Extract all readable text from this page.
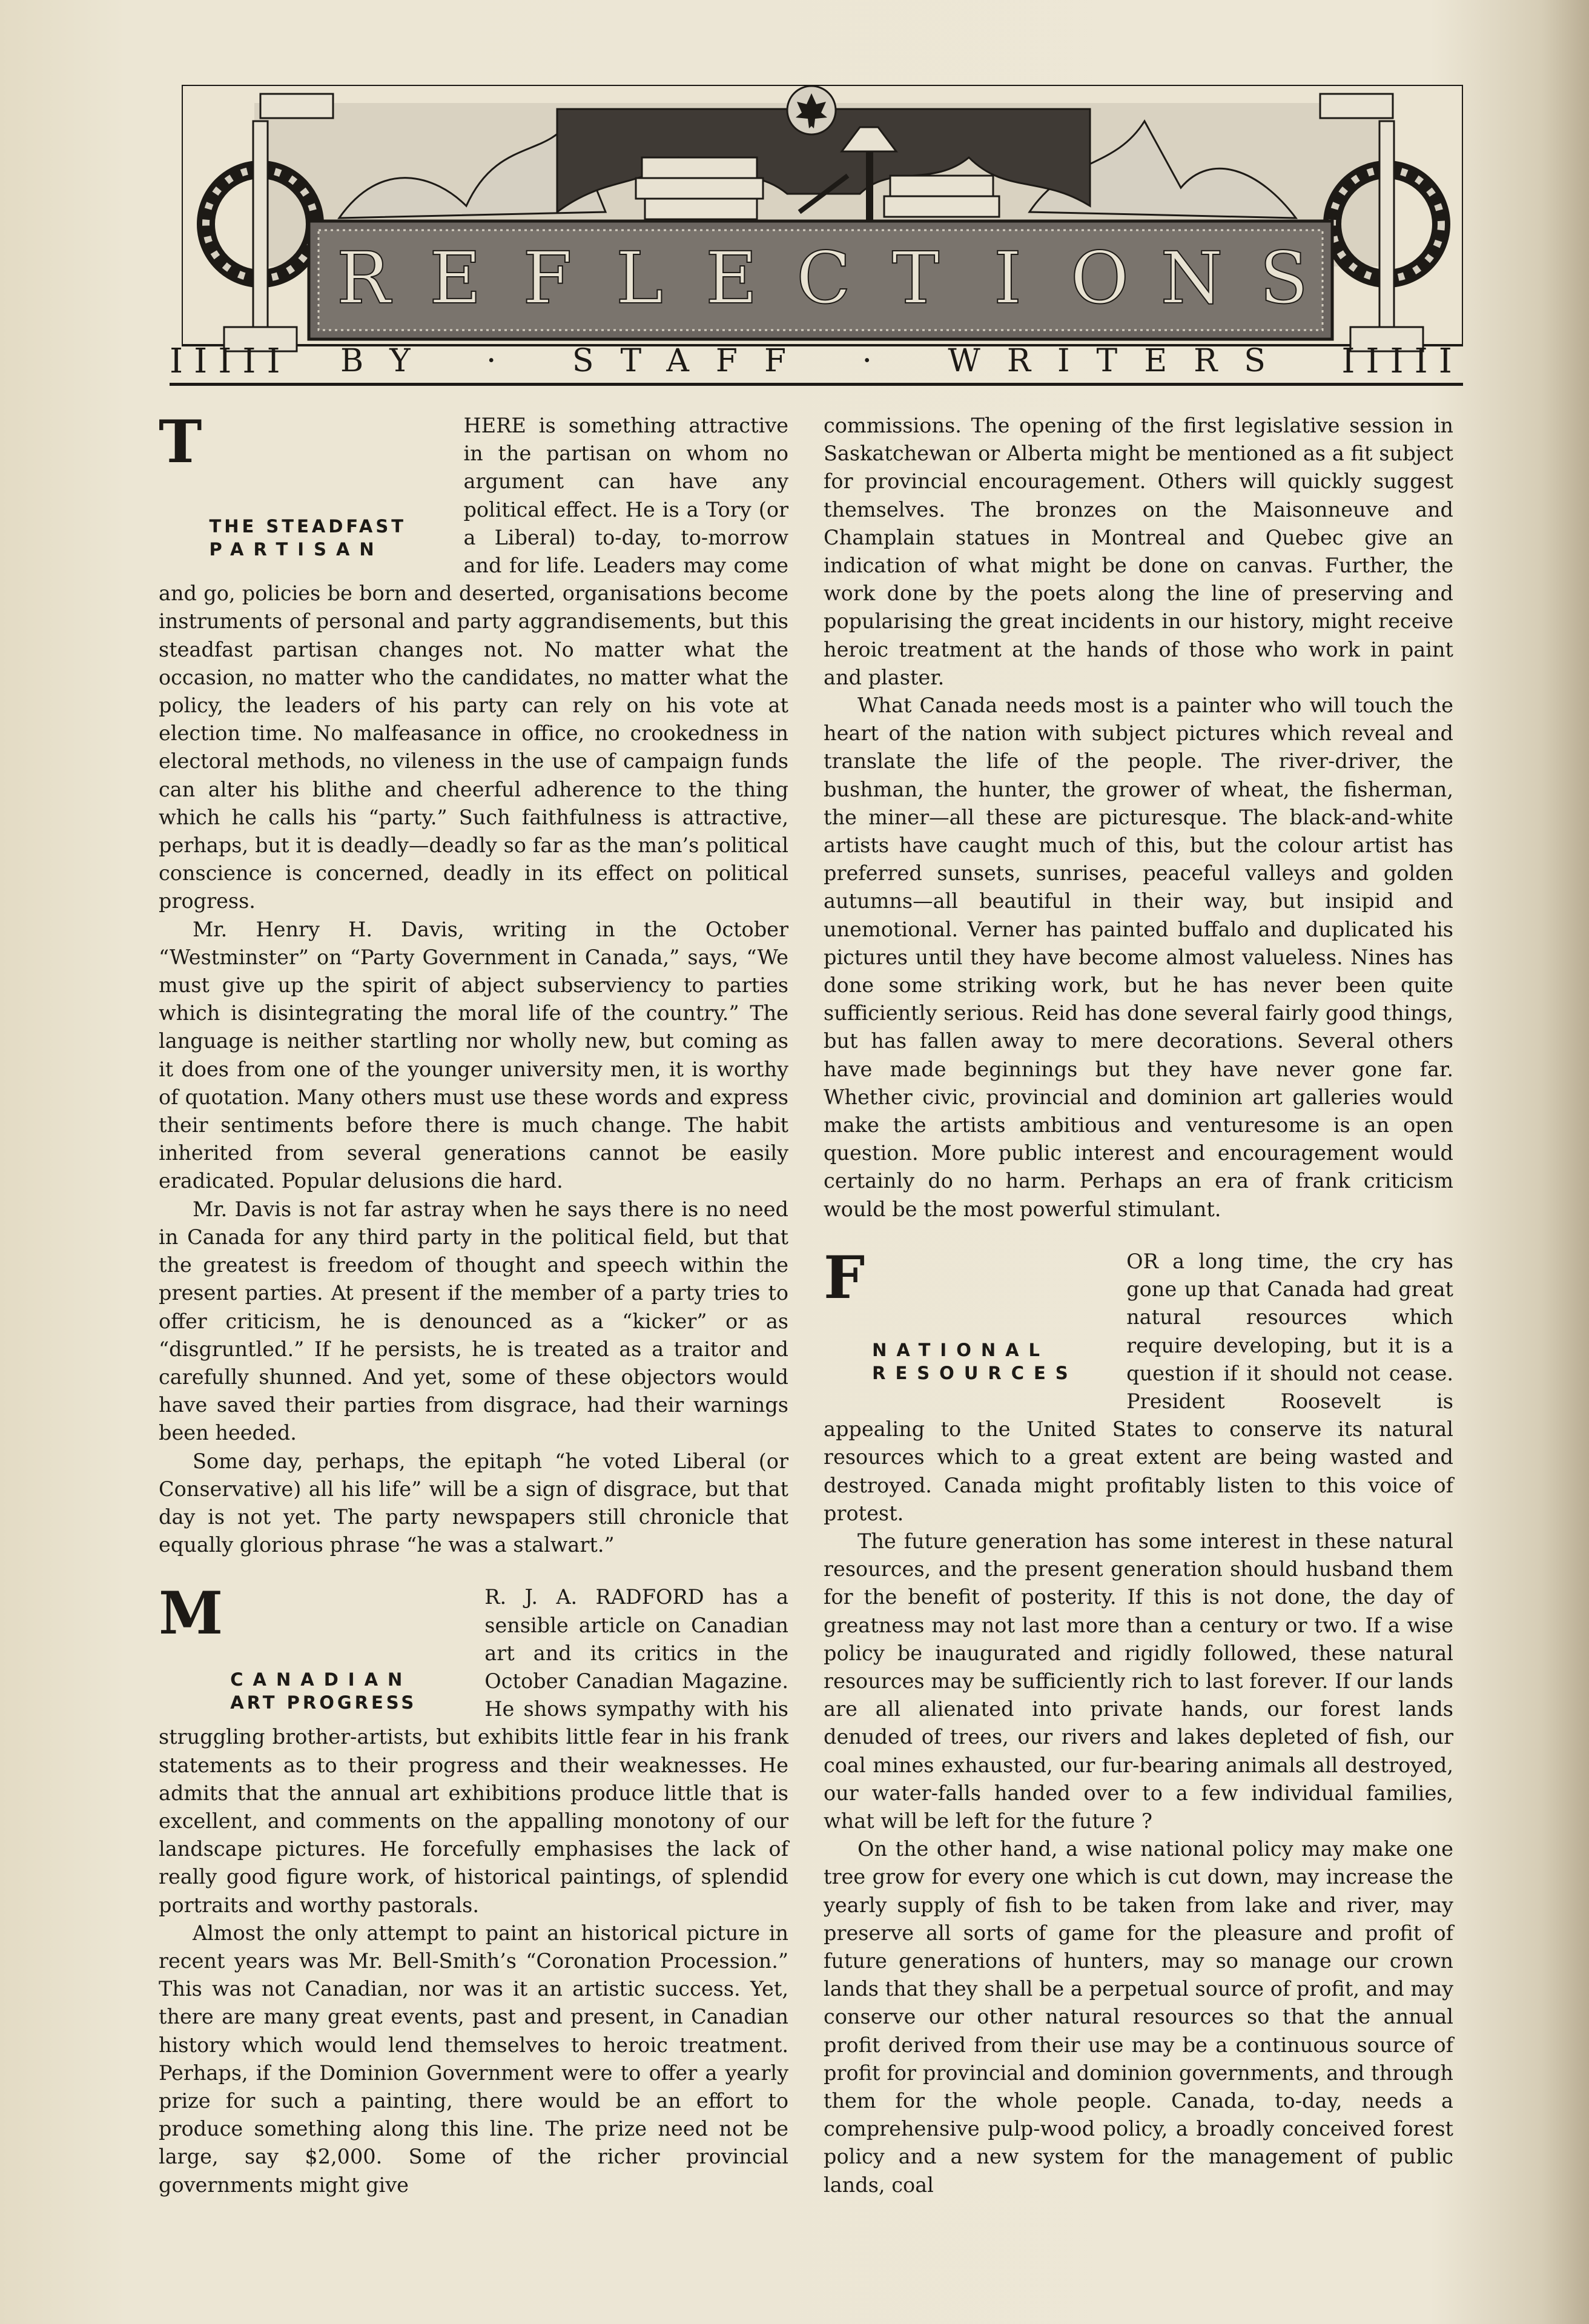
R E F L E C T I O N S
IIIII BY · STAFF · WRITERS IIIII

T
THE STEADFAST
PARTISAN
HERE is something attractive in the partisan on whom no argument can have any political effect. He is a Tory (or a Liberal) to-day, to-morrow and for life. Leaders may come and go, policies be born and deserted, organisations become instruments of personal and party aggrandisements, but this steadfast partisan changes not. No matter what the occasion, no matter who the candidates, no matter what the policy, the leaders of his party can rely on his vote at election time. No malfeasance in office, no crookedness in electoral methods, no vileness in the use of campaign funds can alter his blithe and cheerful adherence to the thing which he calls his “party.” Such faithfulness is attractive, perhaps, but it is deadly—deadly so far as the man’s political conscience is concerned, deadly in its effect on political progress.

Mr. Henry H. Davis, writing in the October “Westminster” on “Party Government in Canada,” says, “We must give up the spirit of abject subserviency to parties which is disintegrating the moral life of the country.” The language is neither startling nor wholly new, but coming as it does from one of the younger university men, it is worthy of quotation. Many others must use these words and express their sentiments before there is much change. The habit inherited from several generations cannot be easily eradicated. Popular delusions die hard.

Mr. Davis is not far astray when he says there is no need in Canada for any third party in the political field, but that the greatest is freedom of thought and speech within the present parties. At present if the member of a party tries to offer criticism, he is denounced as a “kicker” or as “disgruntled.” If he persists, he is treated as a traitor and carefully shunned. And yet, some of these objectors would have saved their parties from disgrace, had their warnings been heeded.

Some day, perhaps, the epitaph “he voted Liberal (or Conservative) all his life” will be a sign of disgrace, but that day is not yet. The party newspapers still chronicle that equally glorious phrase “he was a stalwart.”

M
CANADIAN
ART PROGRESS
R. J. A. RADFORD has a sensible article on Canadian art and its critics in the October Canadian Magazine. He shows sympathy with his struggling brother-artists, but exhibits little fear in his frank statements as to their progress and their weaknesses. He admits that the annual art exhibitions produce little that is excellent, and comments on the appalling monotony of our landscape pictures. He forcefully emphasises the lack of really good figure work, of historical paintings, of splendid portraits and worthy pastorals.

Almost the only attempt to paint an historical picture in recent years was Mr. Bell-Smith’s “Coronation Procession.” This was not Canadian, nor was it an artistic success. Yet, there are many great events, past and present, in Canadian history which would lend themselves to heroic treatment. Perhaps, if the Dominion Government were to offer a yearly prize for such a painting, there would be an effort to produce something along this line. The prize need not be large, say $2,000. Some of the richer provincial governments might give

commissions. The opening of the first legislative session in Saskatchewan or Alberta might be mentioned as a fit subject for provincial encouragement. Others will quickly suggest themselves. The bronzes on the Maisonneuve and Champlain statues in Montreal and Quebec give an indication of what might be done on canvas. Further, the work done by the poets along the line of preserving and popularising the great incidents in our history, might receive heroic treatment at the hands of those who work in paint and plaster.

What Canada needs most is a painter who will touch the heart of the nation with subject pictures which reveal and translate the life of the people. The river-driver, the bushman, the hunter, the grower of wheat, the fisherman, the miner—all these are picturesque. The black-and-white artists have caught much of this, but the colour artist has preferred sunsets, sunrises, peaceful valleys and golden autumns—all beautiful in their way, but insipid and unemotional. Verner has painted buffalo and duplicated his pictures until they have become almost valueless. Nines has done some striking work, but he has never been quite sufficiently serious. Reid has done several fairly good things, but has fallen away to mere decorations. Several others have made beginnings but they have never gone far. Whether civic, provincial and dominion art galleries would make the artists ambitious and venturesome is an open question. More public interest and encouragement would certainly do no harm. Perhaps an era of frank criticism would be the most powerful stimulant.

F
NATIONAL
RESOURCES
OR a long time, the cry has gone up that Canada had great natural resources which require developing, but it is a question if it should not cease. President Roosevelt is appealing to the United States to conserve its natural resources which to a great extent are being wasted and destroyed. Canada might profitably listen to this voice of protest.

The future generation has some interest in these natural resources, and the present generation should husband them for the benefit of posterity. If this is not done, the day of greatness may not last more than a century or two. If a wise policy be inaugurated and rigidly followed, these natural resources may be sufficiently rich to last forever. If our lands are all alienated into private hands, our forest lands denuded of trees, our rivers and lakes depleted of fish, our coal mines exhausted, our fur-bearing animals all destroyed, our water-falls handed over to a few individual families, what will be left for the future ?

On the other hand, a wise national policy may make one tree grow for every one which is cut down, may increase the yearly supply of fish to be taken from lake and river, may preserve all sorts of game for the pleasure and profit of future generations of hunters, may so manage our crown lands that they shall be a perpetual source of profit, and may conserve our other natural resources so that the annual profit derived from their use may be a continuous source of profit for provincial and dominion governments, and through them for the whole people. Canada, to-day, needs a comprehensive pulp-wood policy, a broadly conceived forest policy and a new system for the management of public lands, coal
